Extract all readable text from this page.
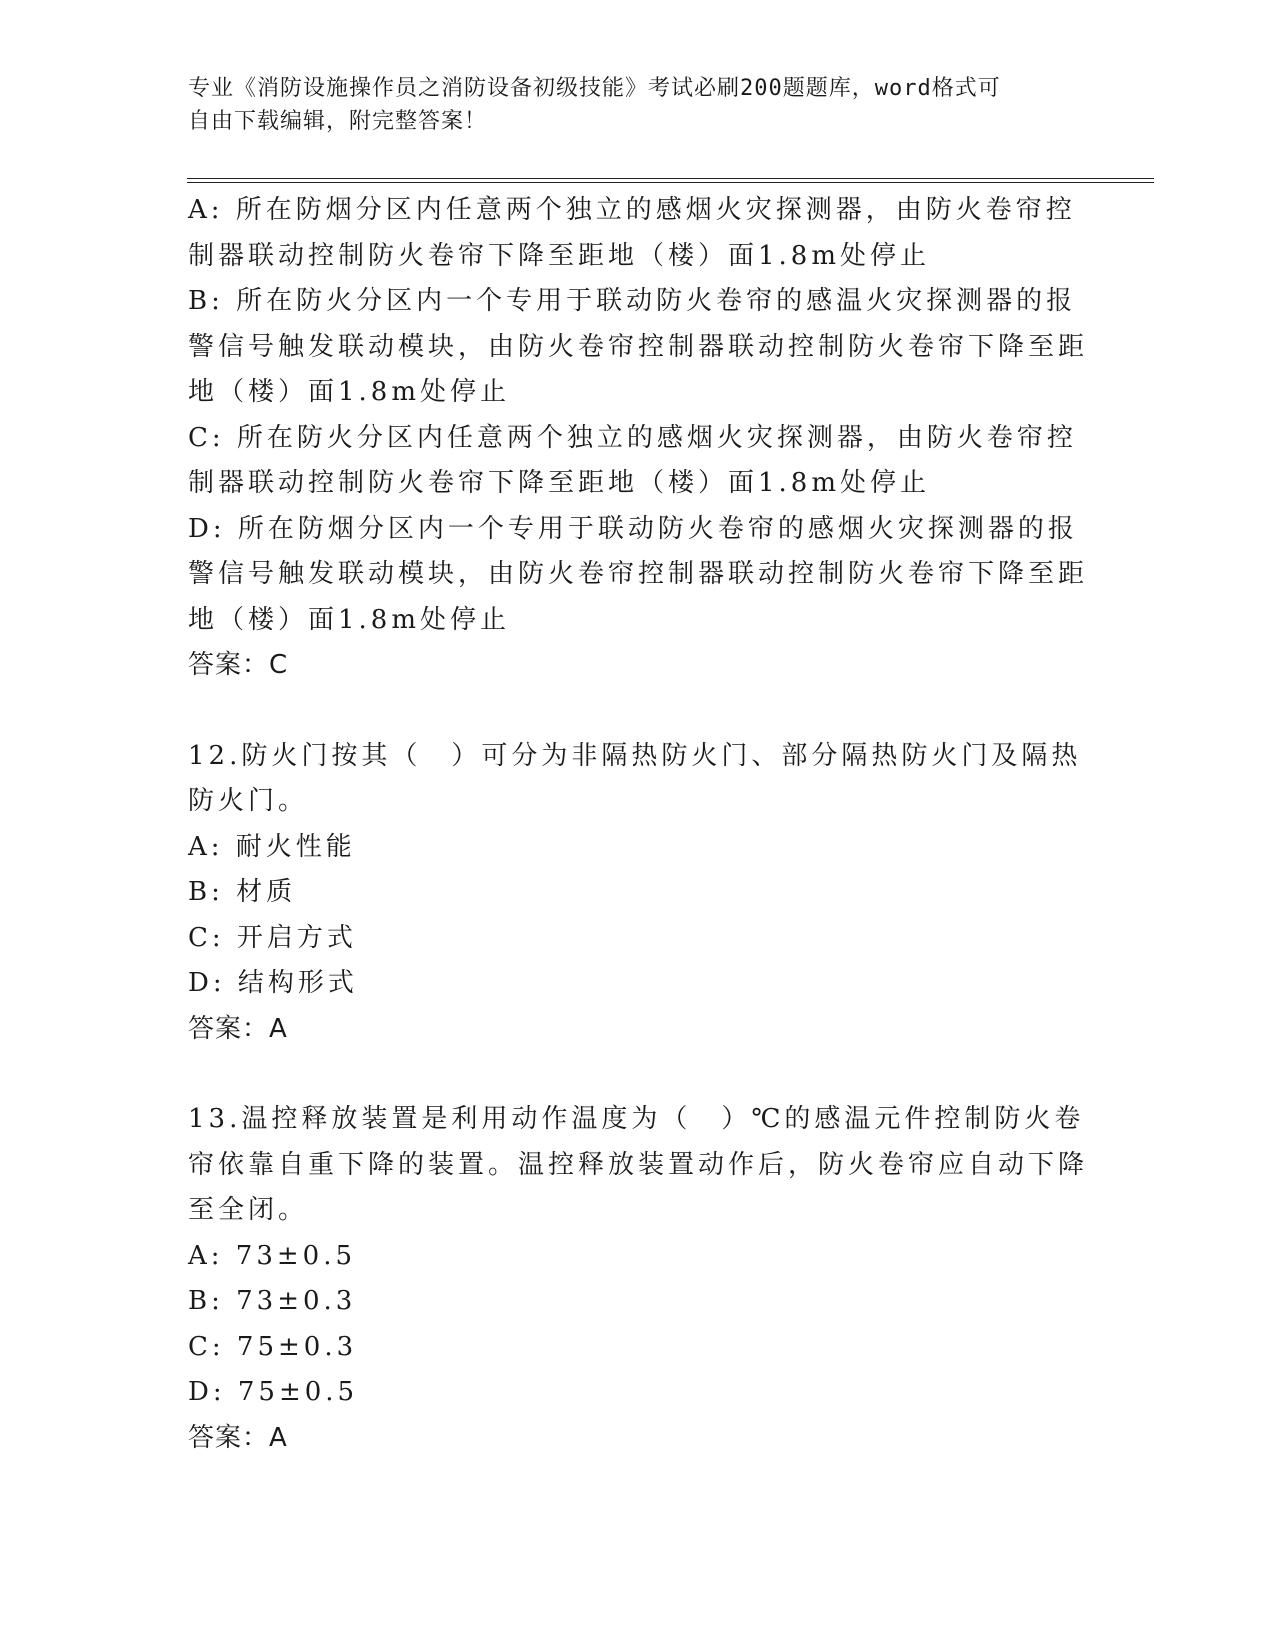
专业《消防设施操作员之消防设备初级技能》考试必刷200题题库，word格式可
自由下载编辑，附完整答案！
A: 所在防烟分区内任意两个独立的感烟火灾探测器，由防火卷帘控制器联动控制防火卷帘下降至距地（楼）面1.8m处停止
B: 所在防火分区内一个专用于联动防火卷帘的感温火灾探测器的报警信号触发联动模块，由防火卷帘控制器联动控制防火卷帘下降至距地（楼）面1.8m处停止
C: 所在防火分区内任意两个独立的感烟火灾探测器，由防火卷帘控制器联动控制防火卷帘下降至距地（楼）面1.8m处停止
D: 所在防烟分区内一个专用于联动防火卷帘的感烟火灾探测器的报警信号触发联动模块，由防火卷帘控制器联动控制防火卷帘下降至距地（楼）面1.8m处停止
答案：C
12.防火门按其（　）可分为非隔热防火门、部分隔热防火门及隔热防火门。
A: 耐火性能
B: 材质
C: 开启方式
D: 结构形式
答案：A
13.温控释放装置是利用动作温度为（　）℃的感温元件控制防火卷帘依靠自重下降的装置。温控释放装置动作后，防火卷帘应自动下降至全闭。
A: 73±0.5
B: 73±0.3
C: 75±0.3
D: 75±0.5
答案：A
